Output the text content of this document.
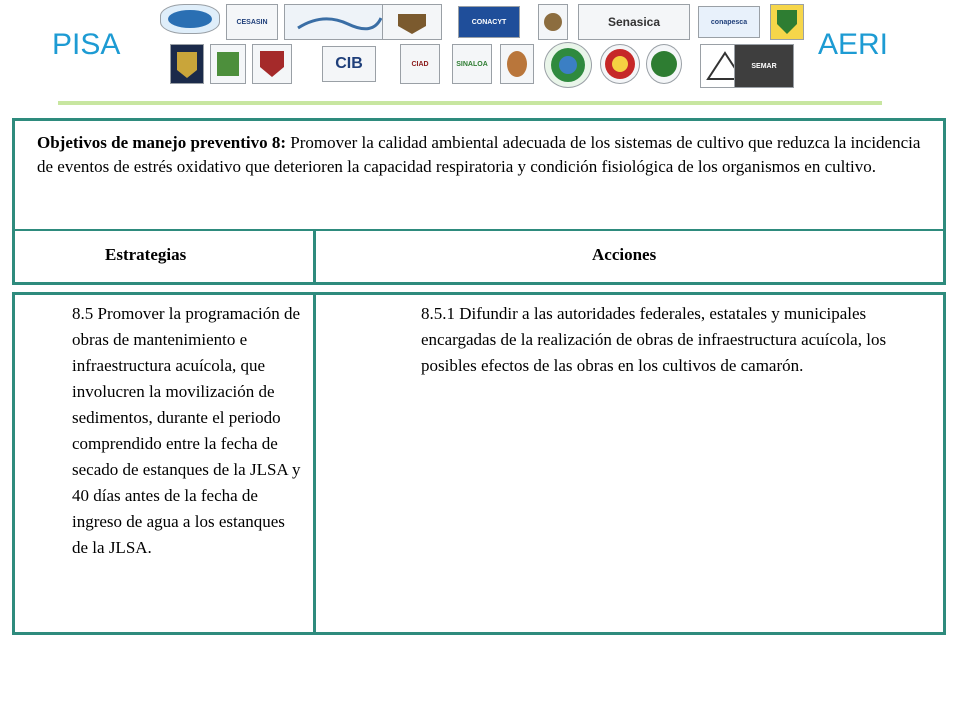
PISA	AERI
CESASIN	CONACYT	Senasica	conapesca
CIB	CIAD	SINALOA	SEMAR
Objetivos de manejo preventivo 8: Promover la calidad ambiental adecuada de los sistemas de cultivo que reduzca la incidencia de eventos de estrés oxidativo que deterioren la capacidad respiratoria y condición fisiológica de los organismos en cultivo.
Estrategias	Acciones
8.5 Promover la programación de obras de mantenimiento e infraestructura acuícola, que involucren la movilización de sedimentos, durante el periodo comprendido entre la fecha de secado de estanques de la JLSA y 40 días antes de la fecha de ingreso de agua a los estanques de la JLSA.
8.5.1 Difundir a las autoridades federales, estatales y municipales encargadas de la realización de obras de infraestructura acuícola, los posibles efectos de las obras en los cultivos de camarón.
